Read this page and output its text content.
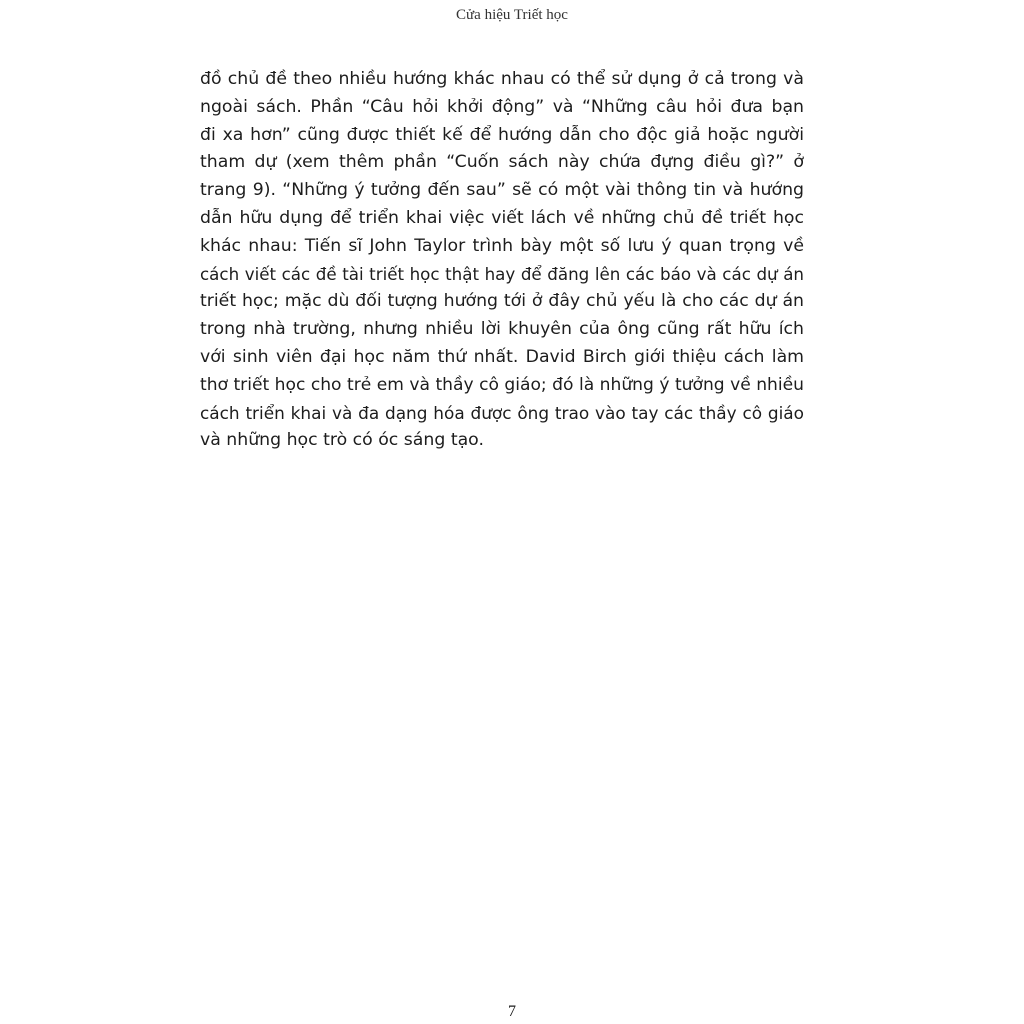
Cửa hiệu Triết học
đồ chủ đề theo nhiều hướng khác nhau có thể sử dụng ở cả trong và
ngoài sách. Phần “Câu hỏi khởi động” và “Những câu hỏi đưa bạn
đi xa hơn” cũng được thiết kế để hướng dẫn cho độc giả hoặc người
tham dự (xem thêm phần “Cuốn sách này chứa đựng điều gì?” ở
trang 9). “Những ý tưởng đến sau” sẽ có một vài thông tin và hướng
dẫn hữu dụng để triển khai việc viết lách về những chủ đề triết học
khác nhau: Tiến sĩ John Taylor trình bày một số lưu ý quan trọng về
cách viết các đề tài triết học thật hay để đăng lên các báo và các dự án
triết học; mặc dù đối tượng hướng tới ở đây chủ yếu là cho các dự án
trong nhà trường, nhưng nhiều lời khuyên của ông cũng rất hữu ích
với sinh viên đại học năm thứ nhất. David Birch giới thiệu cách làm
thơ triết học cho trẻ em và thầy cô giáo; đó là những ý tưởng về nhiều
cách triển khai và đa dạng hóa được ông trao vào tay các thầy cô giáo
và những học trò có óc sáng tạo.
7
